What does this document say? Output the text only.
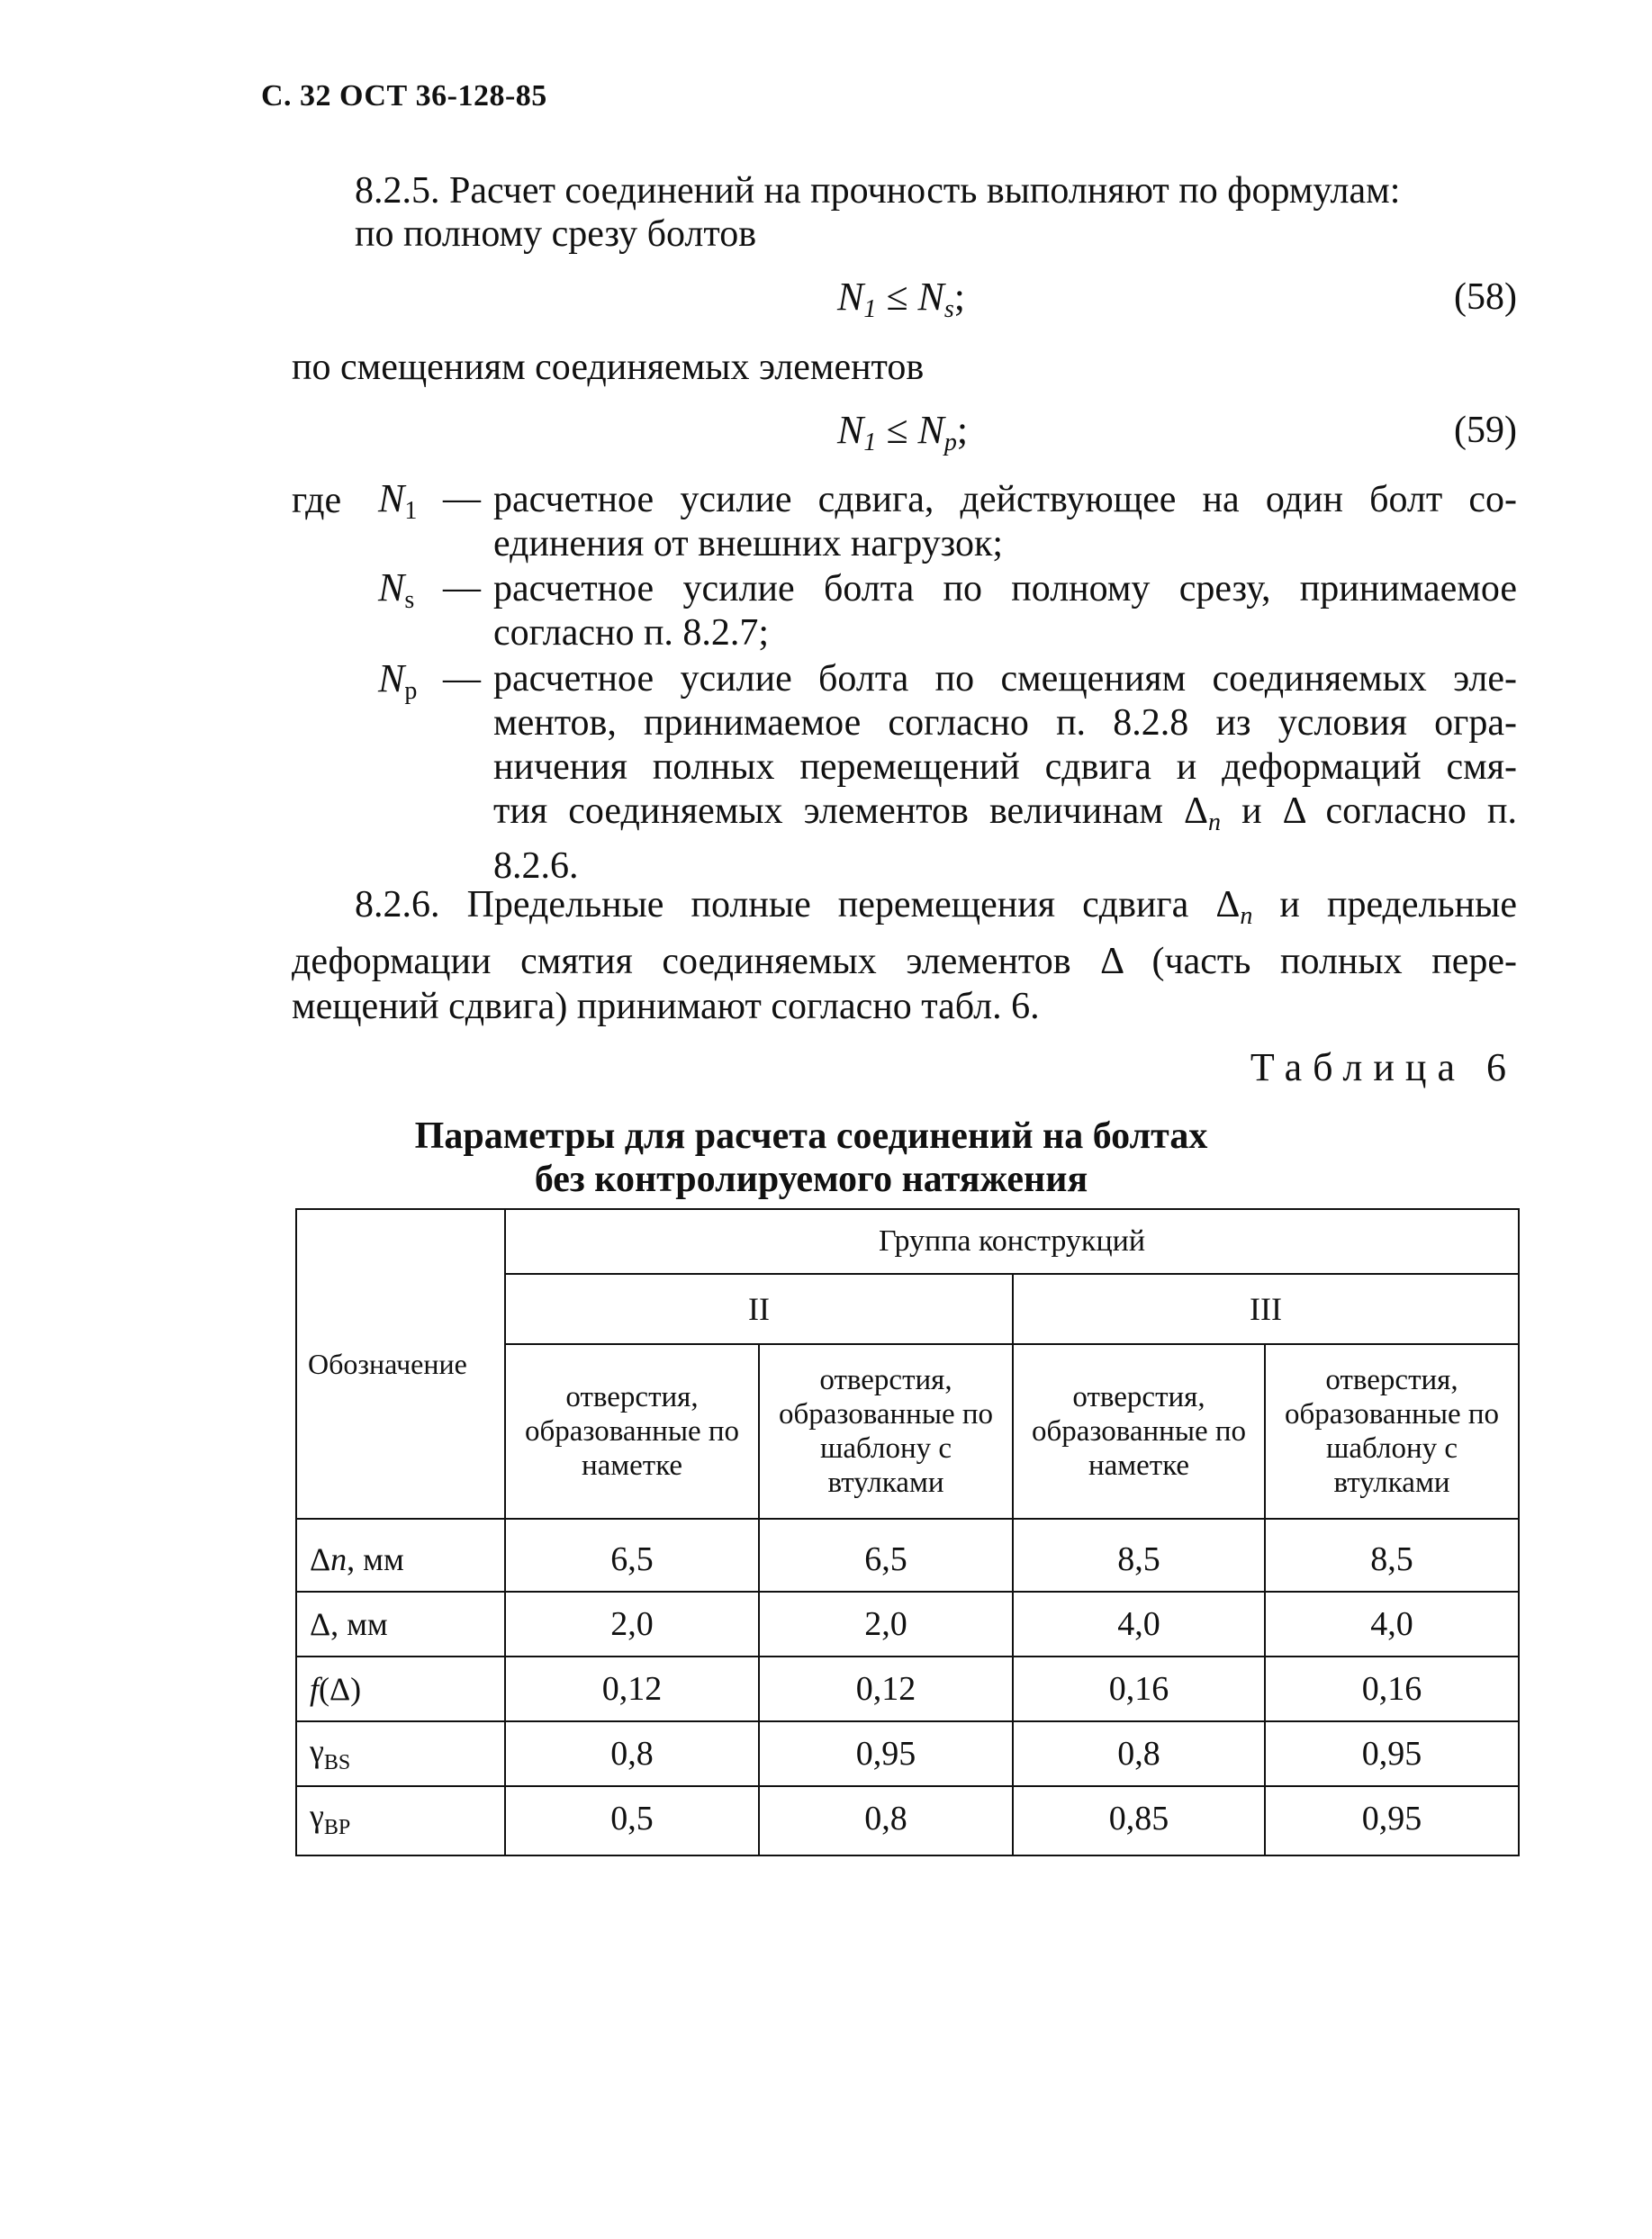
С. 32 ОСТ 36-128-85
8.2.5. Расчет соединений на прочность выполняют по формулам:
по полному срезу болтов
$N_1 \le N_s$;	(58)
по смещениям соединяемых элементов
$N_1 \le N_p$;	(59)
где $N_1$ — расчетное усилие сдвига, действующее на один болт со-
единения от внешних нагрузок;
$N_s$ — расчетное усилие болта по полному срезу, принимаемое
согласно п. 8.2.7;
$N_p$ — расчетное усилие болта по смещениям соединяемых эле-
ментов, принимаемое согласно п. 8.2.8 из условия огра-
ничения полных перемещений сдвига и деформаций смя-
тия соединяемых элементов величинам $\Delta_n$ и Δ согласно п.
8.2.6.
8.2.6. Предельные полные перемещения сдвига $\Delta_n$ и предельные
деформации смятия соединяемых элементов Δ (часть полных пере-
мещений сдвига) принимают согласно табл. 6.
Таблица 6
Параметры для расчета соединений на болтах
без контролируемого натяжения
Обозначение	Группа конструкций			
	II		III	
	отверстия, образованные по наметке	отверстия, образованные по шаблону с втулками	отверстия, образованные по наметке	отверстия, образованные по шаблону с втулками
Δn, мм	6,5	6,5	8,5	8,5
Δ, мм	2,0	2,0	4,0	4,0
f(Δ)	0,12	0,12	0,16	0,16
$\gamma_{BS}$	0,8	0,95	0,8	0,95
$\gamma_{BP}$	0,5	0,8	0,85	0,95
